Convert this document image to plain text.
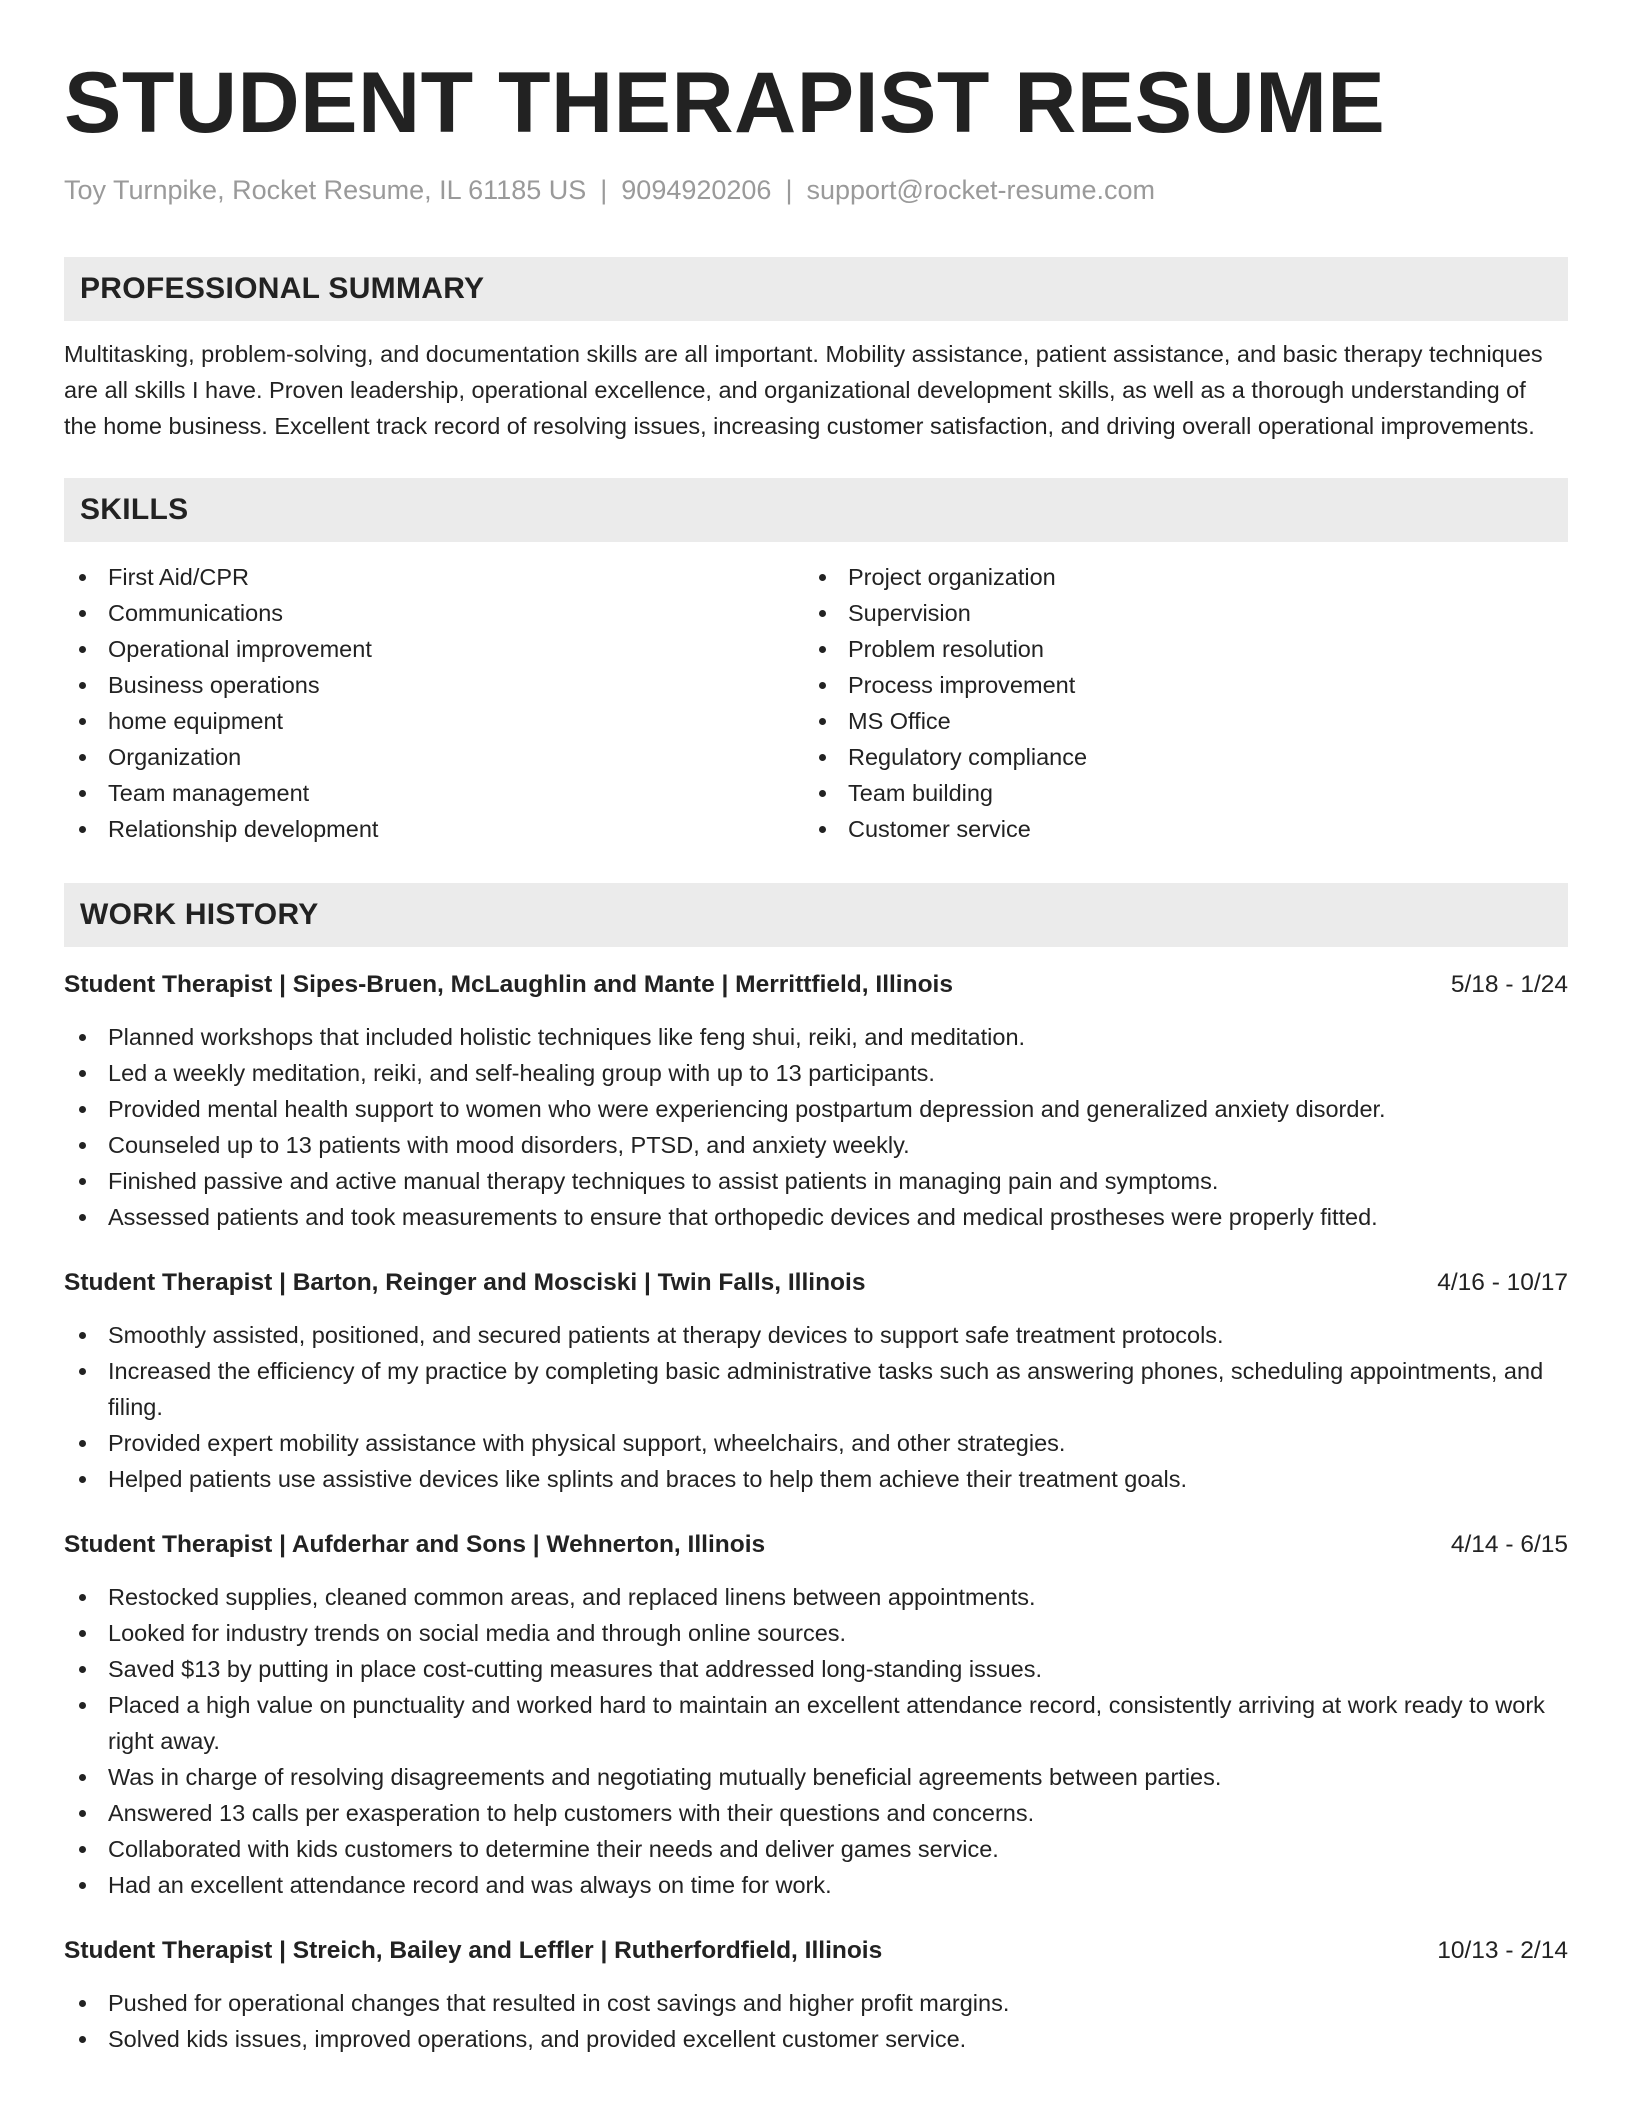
STUDENT THERAPIST RESUME
Toy Turnpike, Rocket Resume, IL 61185 US | 9094920206 | support@rocket-resume.com
PROFESSIONAL SUMMARY
Multitasking, problem-solving, and documentation skills are all important. Mobility assistance, patient assistance, and basic therapy techniques are all skills I have. Proven leadership, operational excellence, and organizational development skills, as well as a thorough understanding of the home business. Excellent track record of resolving issues, increasing customer satisfaction, and driving overall operational improvements.
SKILLS
First Aid/CPR
Communications
Operational improvement
Business operations
home equipment
Organization
Team management
Relationship development
Project organization
Supervision
Problem resolution
Process improvement
MS Office
Regulatory compliance
Team building
Customer service
WORK HISTORY
Student Therapist | Sipes-Bruen, McLaughlin and Mante | Merrittfield, Illinois	5/18 - 1/24
Planned workshops that included holistic techniques like feng shui, reiki, and meditation.
Led a weekly meditation, reiki, and self-healing group with up to 13 participants.
Provided mental health support to women who were experiencing postpartum depression and generalized anxiety disorder.
Counseled up to 13 patients with mood disorders, PTSD, and anxiety weekly.
Finished passive and active manual therapy techniques to assist patients in managing pain and symptoms.
Assessed patients and took measurements to ensure that orthopedic devices and medical prostheses were properly fitted.
Student Therapist | Barton, Reinger and Mosciski | Twin Falls, Illinois	4/16 - 10/17
Smoothly assisted, positioned, and secured patients at therapy devices to support safe treatment protocols.
Increased the efficiency of my practice by completing basic administrative tasks such as answering phones, scheduling appointments, and filing.
Provided expert mobility assistance with physical support, wheelchairs, and other strategies.
Helped patients use assistive devices like splints and braces to help them achieve their treatment goals.
Student Therapist | Aufderhar and Sons | Wehnerton, Illinois	4/14 - 6/15
Restocked supplies, cleaned common areas, and replaced linens between appointments.
Looked for industry trends on social media and through online sources.
Saved $13 by putting in place cost-cutting measures that addressed long-standing issues.
Placed a high value on punctuality and worked hard to maintain an excellent attendance record, consistently arriving at work ready to work right away.
Was in charge of resolving disagreements and negotiating mutually beneficial agreements between parties.
Answered 13 calls per exasperation to help customers with their questions and concerns.
Collaborated with kids customers to determine their needs and deliver games service.
Had an excellent attendance record and was always on time for work.
Student Therapist | Streich, Bailey and Leffler | Rutherfordfield, Illinois	10/13 - 2/14
Pushed for operational changes that resulted in cost savings and higher profit margins.
Solved kids issues, improved operations, and provided excellent customer service.
